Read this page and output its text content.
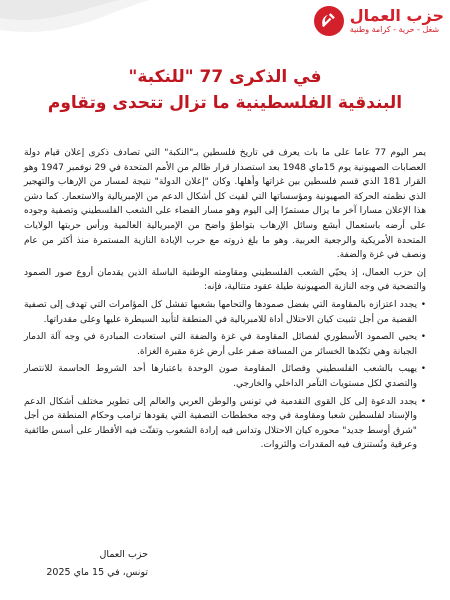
حزب العمال
شغل - حرية - كرامة وطنية

في الذكرى 77 "للنكبة"

البندقية الفلسطينية ما تزال تتحدى وتقاوم

يمر اليوم 77 عاما على ما بات يعرف في تاريخ فلسطين بـ"النكبة" التي تصادف ذكرى إعلان قيام دولة العصابات الصهيونية يوم 15ماي 1948 بعد استصدار قرار ظالم من الأمم المتحدة في 29 نوفمبر 1947 وهو القرار 181 الذي قسم فلسطين بين غزاتها وأهلها. وكان "إعلان الدولة" نتيجة لمسار من الإرهاب والتهجير الذي نظمته الحركة الصهيونية ومؤسساتها التي لقيت كل أشكال الدعم من الإمبريالية والاستعمار. كما دشن هذا الإعلان مسارا آخر ما يزال مستمرًا إلى اليوم وهو مسار القضاء على الشعب الفلسطيني وتصفية وجوده على أرضه باستعمال أبشع وسائل الإرهاب بتواطؤ واضح من الإمبريالية العالمية ورأس حربتها الولايات المتحدة الأمريكية والرجعية العربية. وهو ما بلغ ذروته مع حرب الإبادة النازية المستمرة منذ أكثر من عام ونصف في غزة والضفة.

إن حزب العمال، إذ يحيّي الشعب الفلسطيني ومقاومته الوطنية الباسلة الذين يقدمان أروع صور الصمود والتضحية في وجه النازية الصهيونية طيلة عقود متتالية، فإنه:

•
يجدد اعتزازه بالمقاومة التي بفضل صمودها والتحامها بشعبها تفشل كل المؤامرات التي تهدف إلى تصفية القضية من أجل تثبيت كيان الاحتلال أداة للامبريالية في المنطقة لتأبيد السيطرة عليها وعلى مقدراتها.
•
يحيي الصمود الأسطوري لفصائل المقاومة في غزة والضفة التي استعادت المبادرة في وجه آلة الدمار الجبانة وهي تكبّدها الخسائر من المسافة صفر على أرض غزة مقبرة الغزاة.
•
يهيب بالشعب الفلسطيني وفصائل المقاومة صون الوحدة باعتبارها أحد الشروط الحاسمة للانتصار والتصدي لكل مستويات التآمر الداخلي والخارجي.
•
يجدد الدعوة إلى كل القوى التقدمية في تونس والوطن العربي والعالم إلى تطوير مختلف أشكال الدعم والإسناد لفلسطين شعبا ومقاومة في وجه مخططات التصفية التي يقودها ترامب وحكام المنطقة من أجل "شرق أوسط جديد" محوره كيان الاحتلال وتداس فيه إرادة الشعوب وتفتّت فيه الأقطار على أسس طائفية وعرقية وتُستنزف فيه المقدرات والثروات.
حزب العمال
تونس، في 15 ماي 2025
